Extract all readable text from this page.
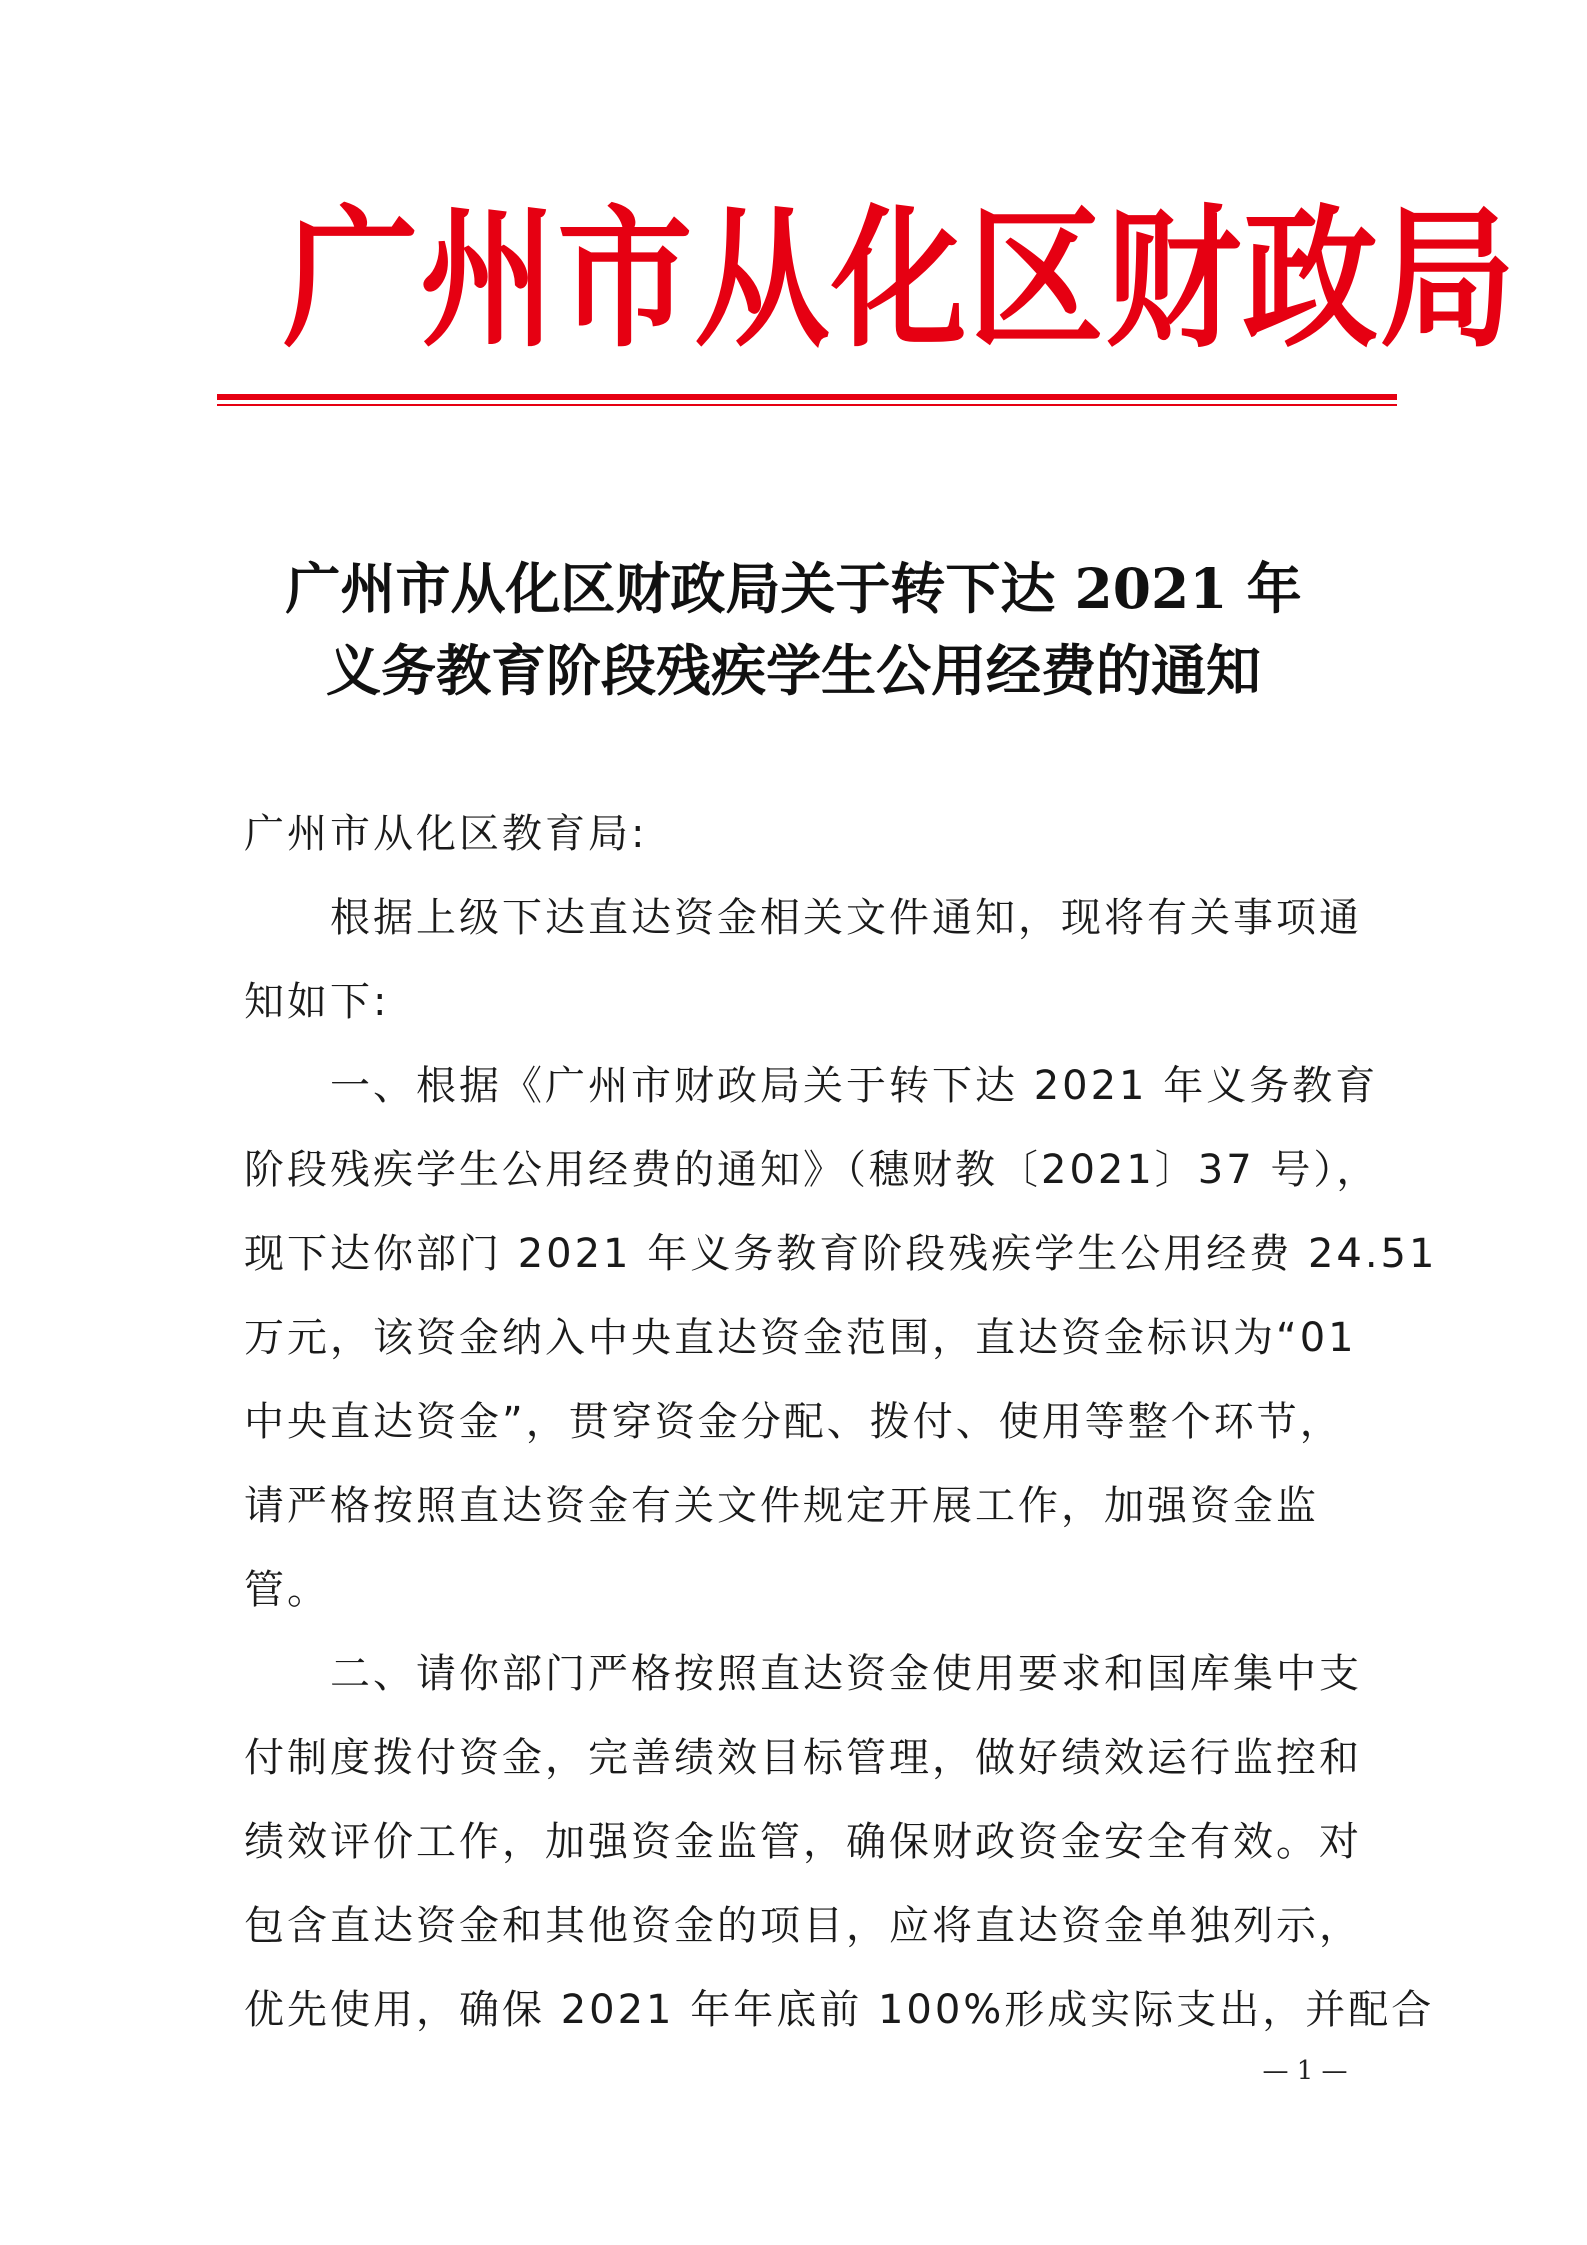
广州市从化区财政局
广州市从化区财政局关于转下达 2021 年
义务教育阶段残疾学生公用经费的通知
广州市从化区教育局:
根据上级下达直达资金相关文件通知，现将有关事项通
知如下:
一、根据《广州市财政局关于转下达 2021 年义务教育
阶段残疾学生公用经费的通知》（穗财教〔2021〕37 号），
现下达你部门 2021 年义务教育阶段残疾学生公用经费 24.51
万元，该资金纳入中央直达资金范围，直达资金标识为“01
中央直达资金”，贯穿资金分配、拨付、使用等整个环节，
请严格按照直达资金有关文件规定开展工作，加强资金监
管。
二、请你部门严格按照直达资金使用要求和国库集中支
付制度拨付资金，完善绩效目标管理，做好绩效运行监控和
绩效评价工作，加强资金监管，确保财政资金安全有效。对
包含直达资金和其他资金的项目，应将直达资金单独列示，
优先使用，确保 2021 年年底前 100%形成实际支出，并配合
— 1 —
